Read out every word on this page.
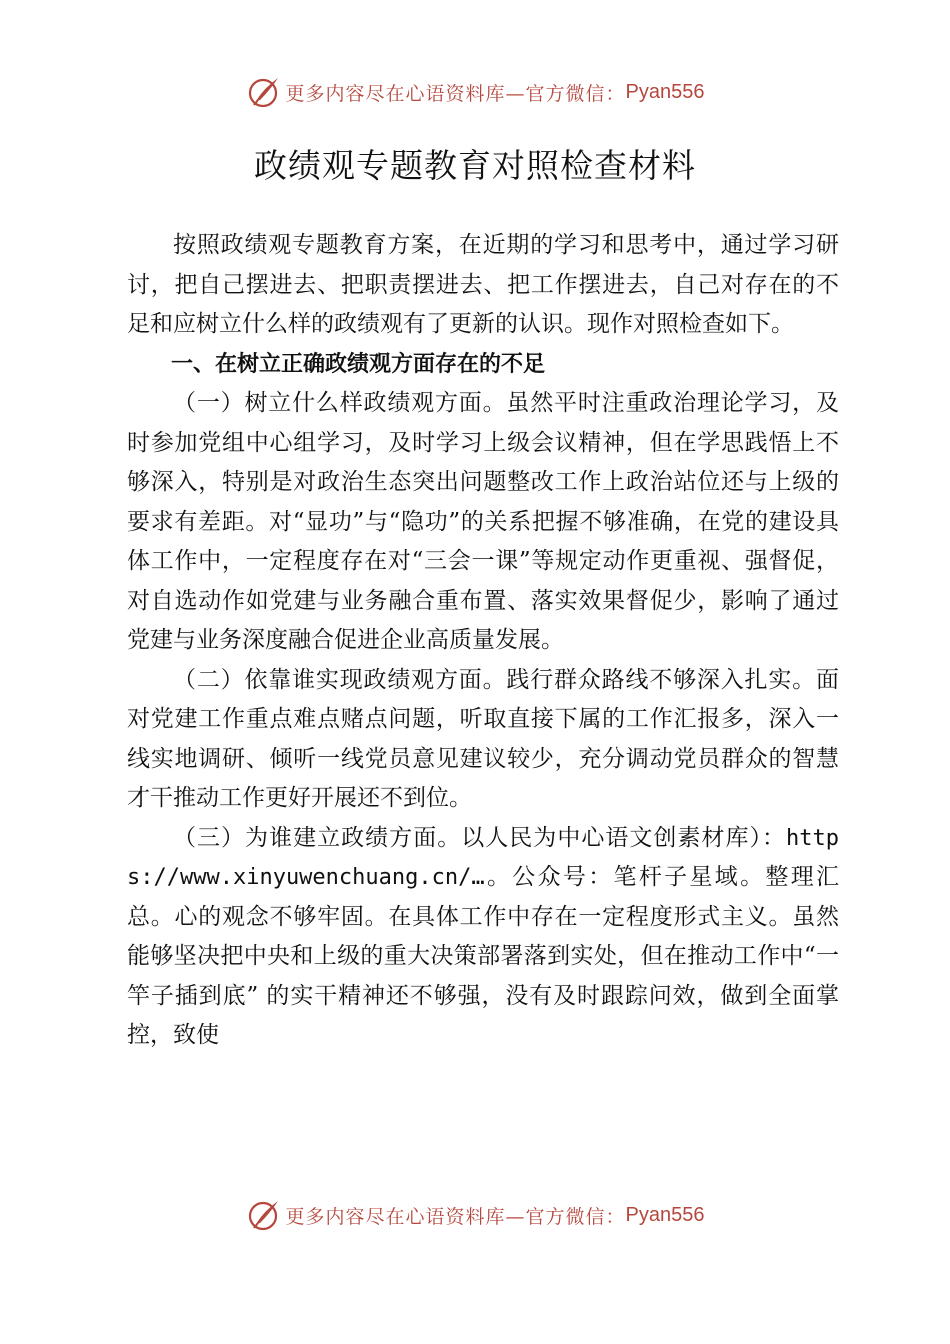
更多内容尽在心语资料库—官方微信： Pyan556
政绩观专题教育对照检查材料

按照政绩观专题教育方案，在近期的学习和思考中，通过学习研讨，把自己摆进去、把职责摆进去、把工作摆进去，自己对存在的不足和应树立什么样的政绩观有了更新的认识。现作对照检查如下。

一、在树立正确政绩观方面存在的不足

（一）树立什么样政绩观方面。虽然平时注重政治理论学习，及时参加党组中心组学习，及时学习上级会议精神，但在学思践悟上不够深入，特别是对政治生态突出问题整改工作上政治站位还与上级的要求有差距。对“显功”与“隐功”的关系把握不够准确，在党的建设具体工作中，一定程度存在对“三会一课”等规定动作更重视、强督促，对自选动作如党建与业务融合重布置、落实效果督促少，影响了通过党建与业务深度融合促进企业高质量发展。

（二）依靠谁实现政绩观方面。践行群众路线不够深入扎实。面对党建工作重点难点赌点问题，听取直接下属的工作汇报多，深入一线实地调研、倾听一线党员意见建议较少，充分调动党员群众的智慧才干推动工作更好开展还不到位。

（三）为谁建立政绩方面。以人民为中心语文创素材库）：https://www.xinyuwenchuang.cn/…。公众号：笔杆子星域。整理汇总。心的观念不够牢固。在具体工作中存在一定程度形式主义。虽然能够坚决把中央和上级的重大决策部署落到实处，但在推动工作中“一竿子插到底” 的实干精神还不够强，没有及时跟踪问效，做到全面掌控，致使

更多内容尽在心语资料库—官方微信： Pyan556
